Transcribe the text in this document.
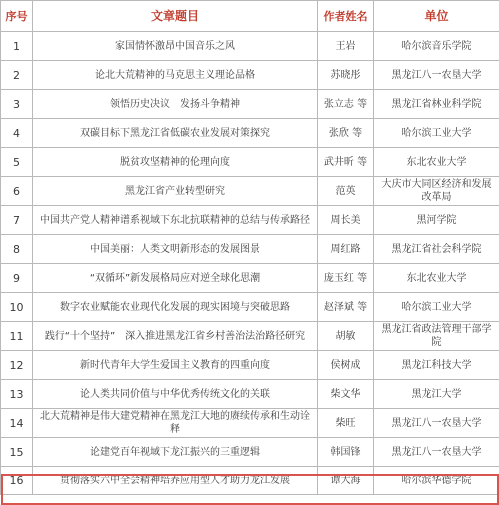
序号	文章题目	作者姓名	单位
1	家国情怀激昂中国音乐之风	王岩	哈尔滨音乐学院
2	论北大荒精神的马克思主义理论品格	苏晓彤	黑龙江八一农垦大学
3	领悟历史决议　发扬斗争精神	张立志 等	黑龙江省林业科学院
4	双碳目标下黑龙江省低碳农业发展对策探究	张欣 等	哈尔滨工业大学
5	脱贫攻坚精神的伦理向度	武井昕 等	东北农业大学
6	黑龙江省产业转型研究	范英	大庆市大同区经济和发展改革局
7	中国共产党人精神谱系视域下东北抗联精神的总结与传承路径	周长美	黑河学院
8	中国美丽：人类文明新形态的发展图景	周红路	黑龙江省社会科学院
9	“双循环”新发展格局应对逆全球化思潮	庞玉红 等	东北农业大学
10	数字农业赋能农业现代化发展的现实困境与突破思路	赵泽斌 等	哈尔滨工业大学
11	践行“十个坚持”　深入推进黑龙江省乡村善治法治路径研究	胡敏	黑龙江省政法管理干部学院
12	新时代青年大学生爱国主义教育的四重向度	侯树成	黑龙江科技大学
13	论人类共同价值与中华优秀传统文化的关联	柴文华	黑龙江大学
14	北大荒精神是伟大建党精神在黑龙江大地的赓续传承和生动诠释	柴旺	黑龙江八一农垦大学
15	论建党百年视域下龙江振兴的三重逻辑	韩国锋	黑龙江八一农垦大学
16	贯彻落实六中全会精神培养应用型人才助力龙江发展	谭大海	哈尔滨华德学院
